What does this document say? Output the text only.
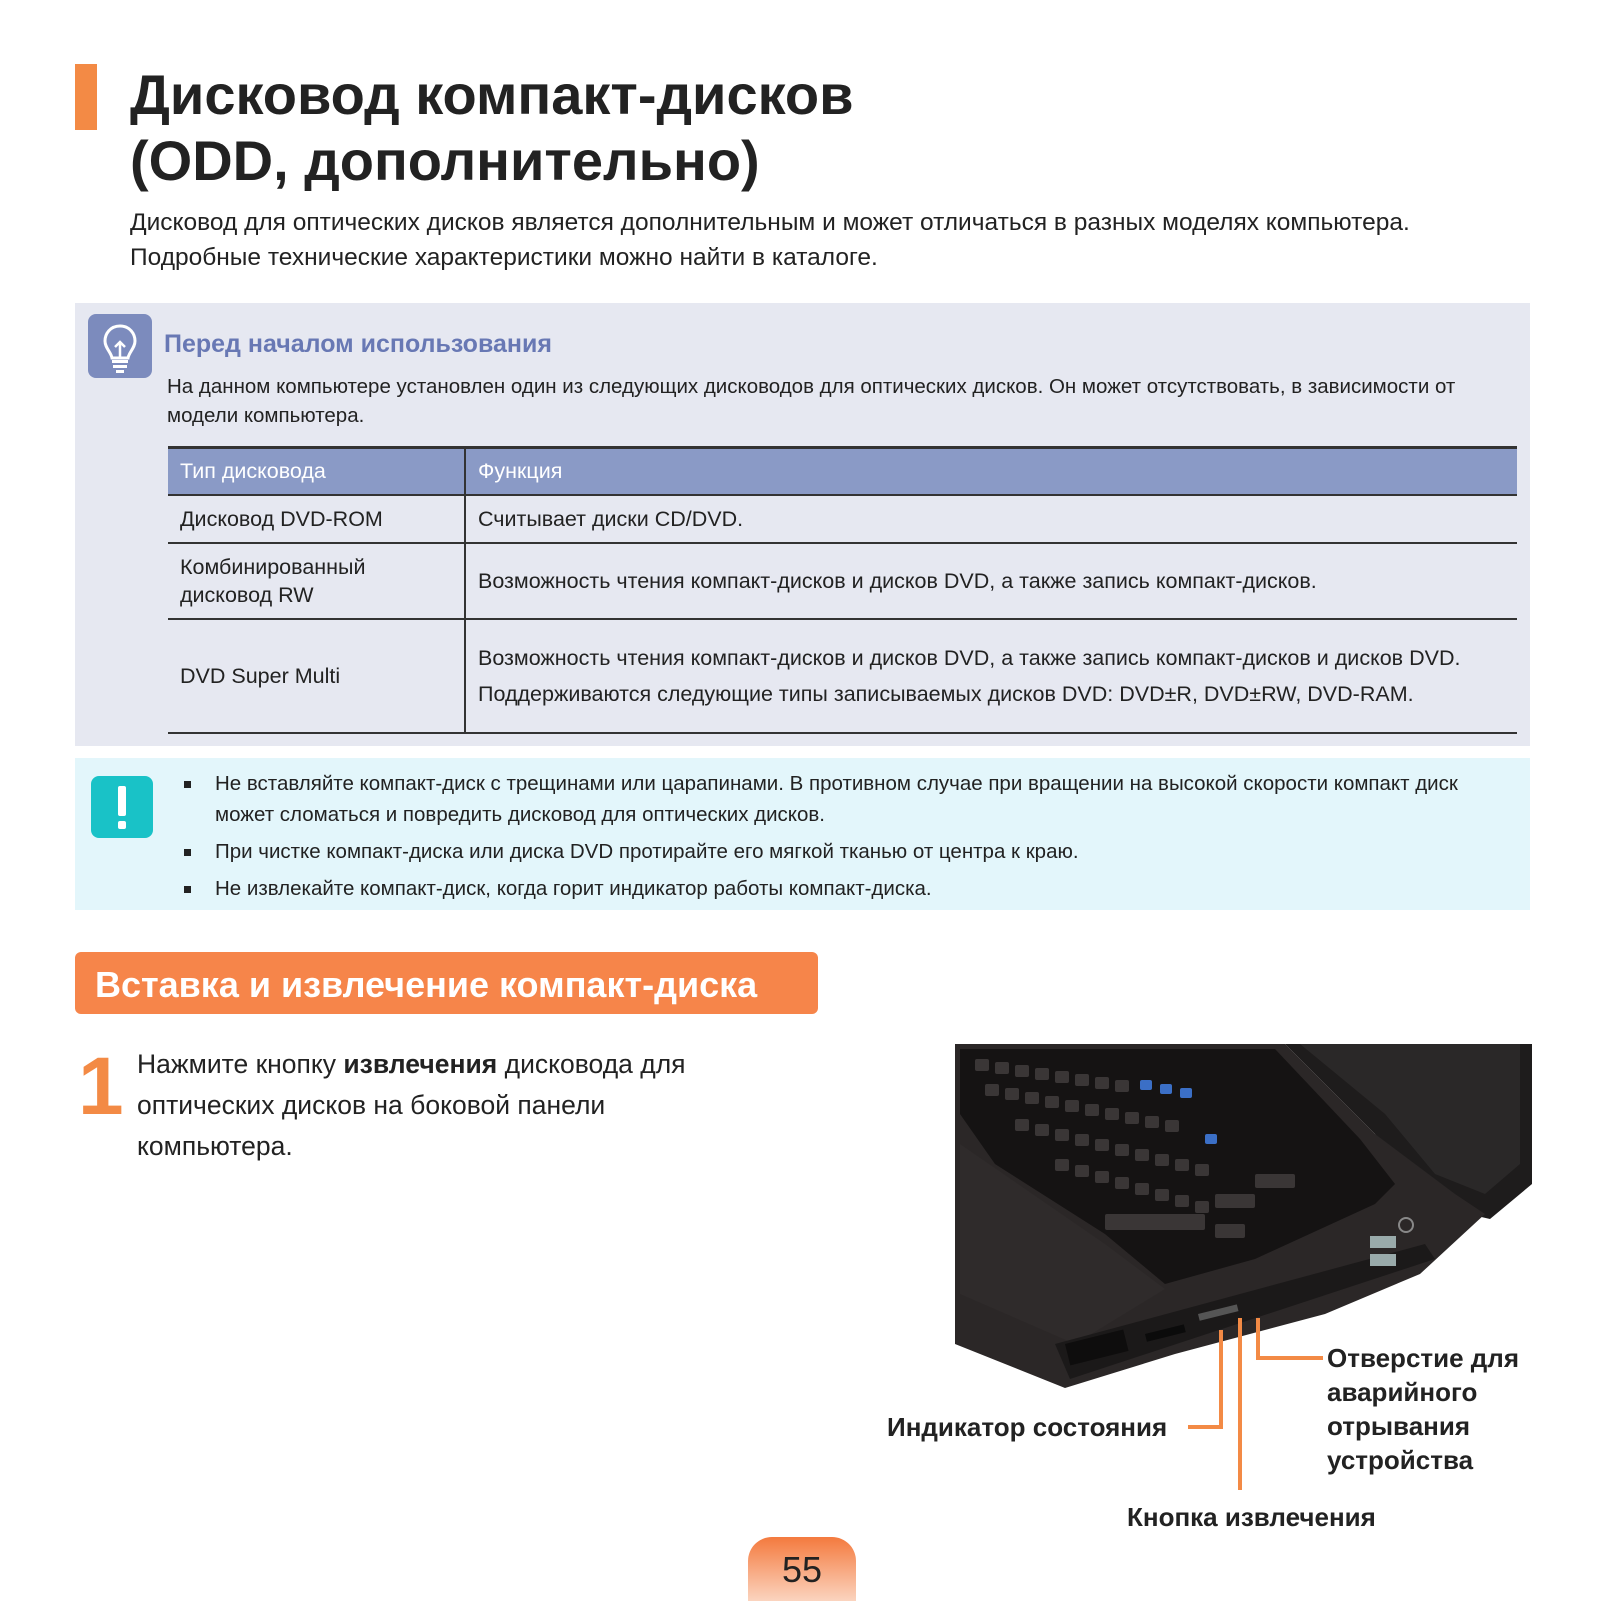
Дисковод компакт-дисков
(ODD, дополнительно)

Дисковод для оптических дисков является дополнительным и может отличаться в разных моделях компьютера. Подробные технические характеристики можно найти в каталоге.

Перед началом использования

На данном компьютере установлен один из следующих дисководов для оптических дисков. Он может отсутствовать, в зависимости от модели компьютера.

Тип дисковода	Функция
Дисковод DVD-ROM	Считывает диски CD/DVD.

Комбинированный дисковод RW	Возможность чтения компакт-дисков и дисков DVD, а также запись компакт-дисков.

DVD Super Multi	Возможность чтения компакт-дисков и дисков DVD, а также запись компакт-дисков и дисков DVD.

Поддерживаются следующие типы записываемых дисков DVD: DVD±R, DVD±RW, DVD-RAM.

Не вставляйте компакт-диск с трещинами или царапинами. В противном случае при вращении на высокой скорости компакт диск может сломаться и повредить дисковод для оптических дисков.
При чистке компакт-диска или диска DVD протирайте его мягкой тканью от центра к краю.
Не извлекайте компакт-диск, когда горит индикатор работы компакт-диска.
Вставка и извлечение компакт-диска
1 Нажмите кнопку извлечения дисковода для оптических дисков на боковой панели компьютера.

Индикатор состояния
Отверстие для аварийного отрывания устройства
Кнопка извлечения
55
